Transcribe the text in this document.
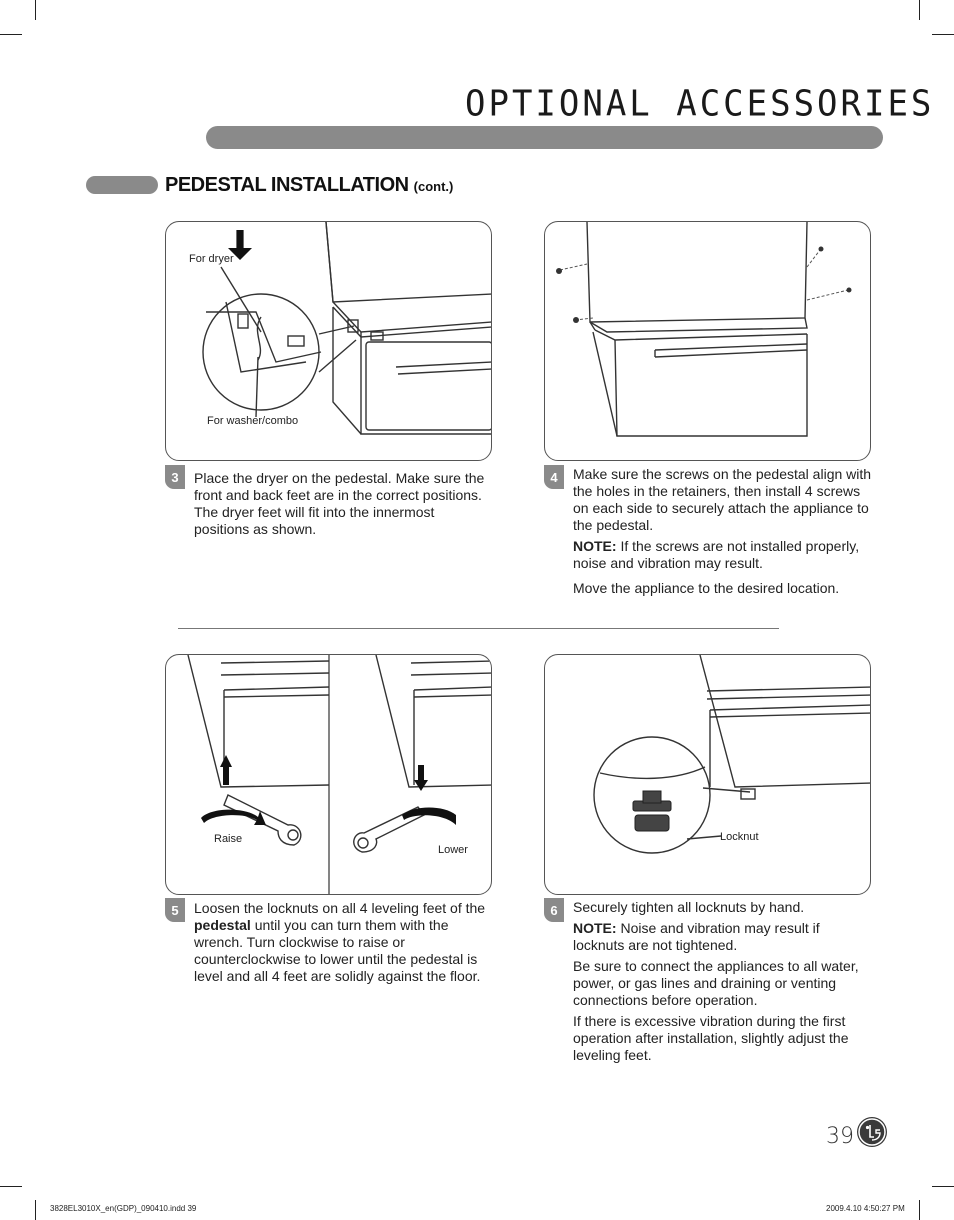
OPTIONAL ACCESSORIES
PEDESTAL INSTALLATION (cont.)
For dryer
For washer/combo
3	Place the dryer on the pedestal. Make sure the front and back feet are in the correct positions. The dryer feet will fit into the innermost positions as shown.

4	Make sure the screws on the pedestal align with the holes in the retainers, then install 4 screws on each side to securely attach the appliance to the pedestal.

NOTE: If the screws are not installed properly, noise and vibration may result.

Move the appliance to the desired location.

Raise
Lower
5	Loosen the locknuts on all 4 leveling feet of the pedestal until you can turn them with the wrench. Turn clockwise to raise or counterclockwise to lower until the pedestal is level and all 4 feet are solidly against the floor.

Locknut
6	Securely tighten all locknuts by hand.

NOTE: Noise and vibration may result if locknuts are not tightened.

Be sure to connect the appliances to all water, power, or gas lines and draining or venting connections before operation.

If there is excessive vibration during the first operation after installation, slightly adjust the leveling feet.

39
3828EL3010X_en(GDP)_090410.indd 39	2009.4.10 4:50:27 PM
